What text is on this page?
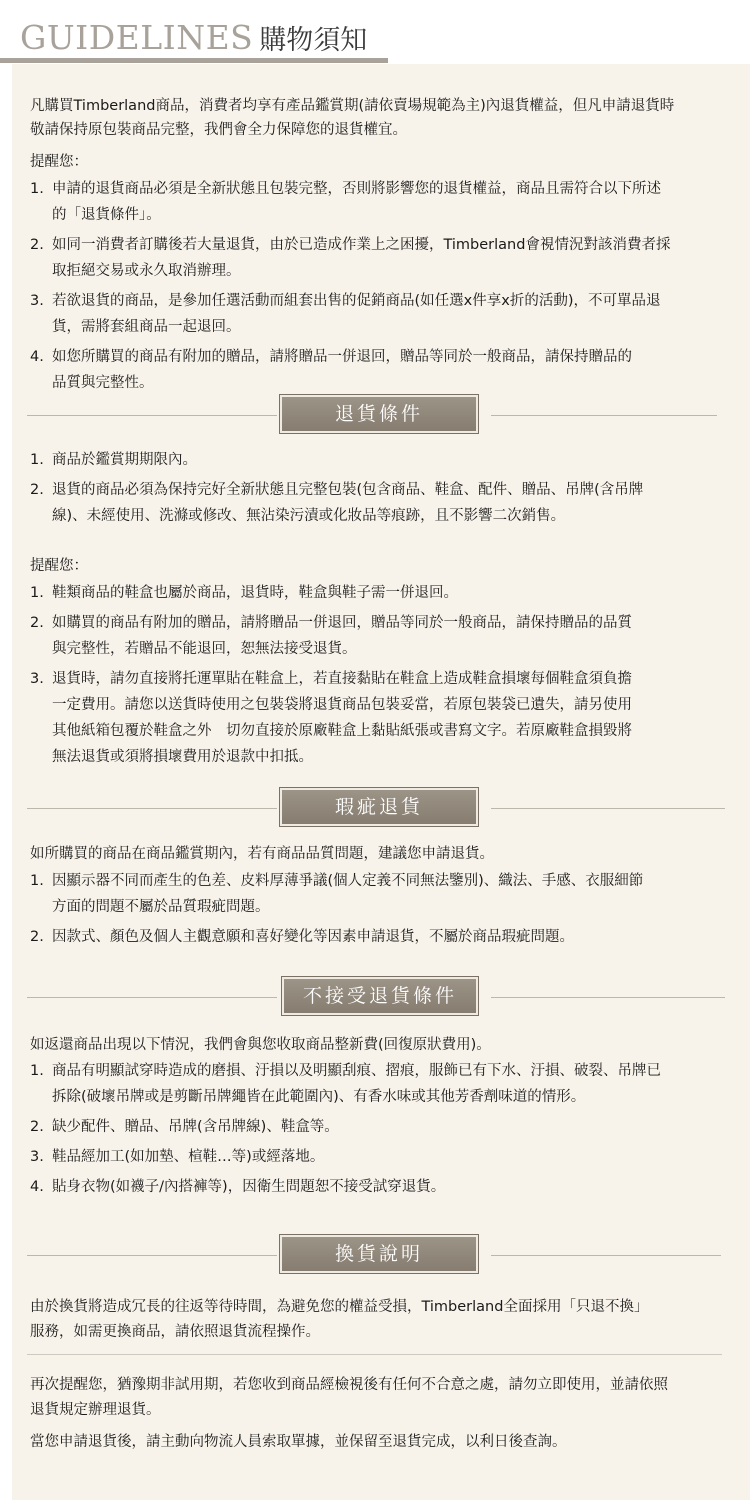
GUIDELINES 購物須知
凡購買Timberland商品，消費者均享有產品鑑賞期(請依賣場規範為主)內退貨權益，但凡申請退貨時
敬請保持原包裝商品完整，我們會全力保障您的退貨權宜。
提醒您：
1. 申請的退貨商品必須是全新狀態且包裝完整，否則將影響您的退貨權益，商品且需符合以下所述
的「退貨條件」。
2. 如同一消費者訂購後若大量退貨，由於已造成作業上之困擾，Timberland會視情況對該消費者採
取拒絕交易或永久取消辦理。
3. 若欲退貨的商品，是參加任選活動而組套出售的促銷商品(如任選x件享x折的活動)，不可單品退
貨，需將套組商品一起退回。
4. 如您所購買的商品有附加的贈品，請將贈品一併退回，贈品等同於一般商品，請保持贈品的
品質與完整性。
退貨條件
1. 商品於鑑賞期期限內。
2. 退貨的商品必須為保持完好全新狀態且完整包裝(包含商品、鞋盒、配件、贈品、吊牌(含吊牌
線)、未經使用、洗滌或修改、無沾染污漬或化妝品等痕跡，且不影響二次銷售。
提醒您：
1. 鞋類商品的鞋盒也屬於商品，退貨時，鞋盒與鞋子需一併退回。
2. 如購買的商品有附加的贈品，請將贈品一併退回，贈品等同於一般商品，請保持贈品的品質
與完整性，若贈品不能退回，恕無法接受退貨。
3. 退貨時，請勿直接將托運單貼在鞋盒上，若直接黏貼在鞋盒上造成鞋盒損壞每個鞋盒須負擔
一定費用。請您以送貨時使用之包裝袋將退貨商品包裝妥當，若原包裝袋已遺失，請另使用
其他紙箱包覆於鞋盒之外　切勿直接於原廠鞋盒上黏貼紙張或書寫文字。若原廠鞋盒損毀將
無法退貨或須將損壞費用於退款中扣抵。
瑕疵退貨
如所購買的商品在商品鑑賞期內，若有商品品質問題，建議您申請退貨。
1. 因顯示器不同而產生的色差、皮料厚薄爭議(個人定義不同無法鑒別)、織法、手感、衣服細節
方面的問題不屬於品質瑕疵問題。
2. 因款式、顏色及個人主觀意願和喜好變化等因素申請退貨，不屬於商品瑕疵問題。
不接受退貨條件
如返還商品出現以下情況，我們會與您收取商品整新費(回復原狀費用)。
1. 商品有明顯試穿時造成的磨損、汙損以及明顯刮痕、摺痕，服飾已有下水、汙損、破裂、吊牌已
拆除(破壞吊牌或是剪斷吊牌繩皆在此範圍內)、有香水味或其他芳香劑味道的情形。
2. 缺少配件、贈品、吊牌(含吊牌線)、鞋盒等。
3. 鞋品經加工(如加墊、楦鞋…等)或經落地。
4. 貼身衣物(如襪子/內搭褲等)，因衛生問題恕不接受試穿退貨。
換貨說明
由於換貨將造成冗長的往返等待時間，為避免您的權益受損，Timberland全面採用「只退不換」
服務，如需更換商品，請依照退貨流程操作。
再次提醒您，猶豫期非試用期，若您收到商品經檢視後有任何不合意之處，請勿立即使用，並請依照
退貨規定辦理退貨。
當您申請退貨後，請主動向物流人員索取單據，並保留至退貨完成，以利日後查詢。
